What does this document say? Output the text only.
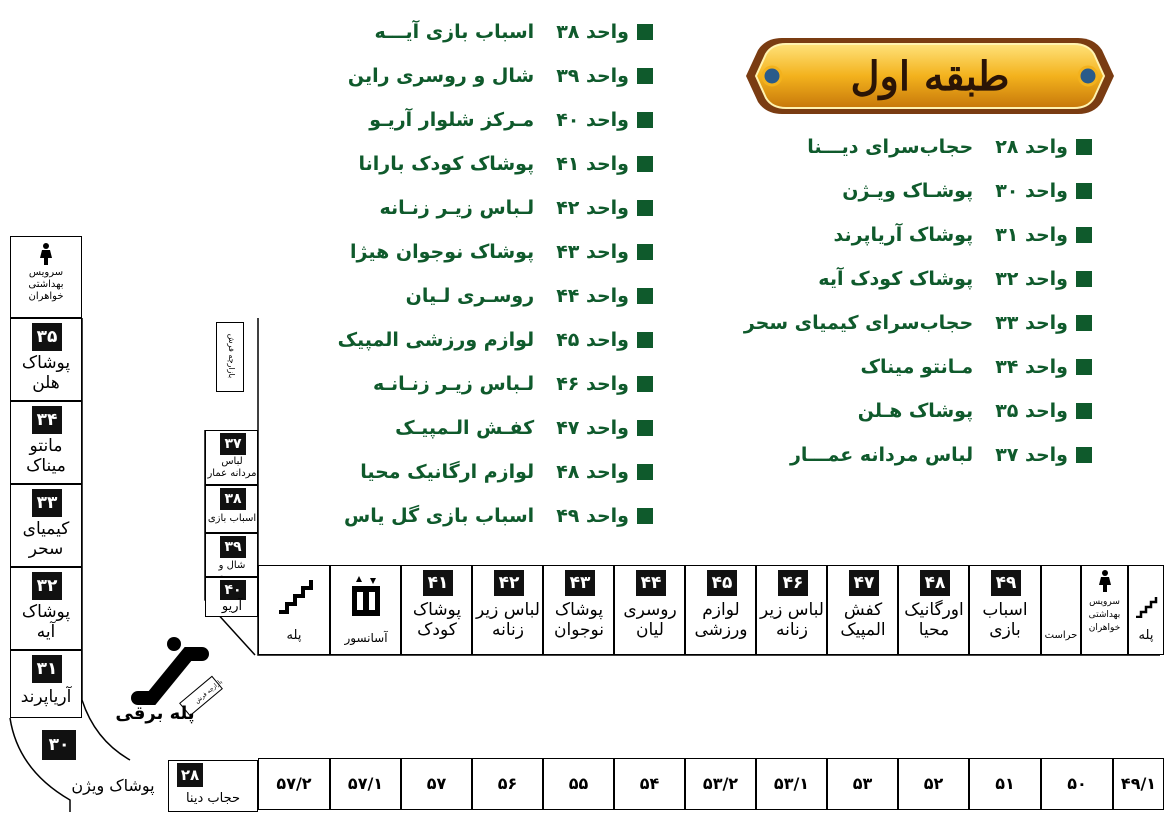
طبقه اول
واحد ۲۸
حجاب‌سرای دیـــنا
واحد ۳۰
پوشـاک ویـژن
واحد ۳۱
پوشاک آریاپرند
واحد ۳۲
پوشاک کودک آیه
واحد ۳۳
حجاب‌سرای کیمیای سحر
واحد ۳۴
مـانتو میناک
واحد ۳۵
پوشاک هـلن
واحد ۳۷
لباس مردانه عمـــار
واحد ۳۸
اسباب بازی آیـــه
واحد ۳۹
شال و روسری راین
واحد ۴۰
مـرکز شلوار آریـو
واحد ۴۱
پوشاک کودک بارانا
واحد ۴۲
لـباس زیـر زنـانه
واحد ۴۳
پوشاک نوجوان هیژا
واحد ۴۴
روسـری لـیان
واحد ۴۵
لوازم ورزشی المپیک
واحد ۴۶
لـباس زیـر زنـانـه
واحد ۴۷
کفـش الـمپیـک
واحد ۴۸
لوازم ارگانیک محیا
واحد ۴۹
اسباب بازی گل یاس
سرویس بهداشتی خواهران
۳۵
پوشاک هلن
۳۴
مانتو میناک
۳۳
کیمیای سحر
۳۲
پوشاک آیه
۳۱
آریاپرند
۳۰
پوشاک ویژن
۲۸
حجاب دینا
بازارچه فرش
۳۷
لباس مردانه عمار
۳۸
اسباب بازی
۳۹
شال و
۴۰
آریو
پله برقی
بازارچه فرش
پله	آسانسور
۴۱
پوشاک کودک
۴۲
لباس زیر زنانه
۴۳
پوشاک نوجوان
۴۴
روسری لیان
۴۵
لوازم ورزشی
۴۶
لباس زیر زنانه
۴۷
کفش المپیک
۴۸
اورگانیک محیا
۴۹
اسباب بازی	حراست
سرویس بهداشتی خواهران	پله
۵۷/۲	۵۷/۱	۵۷	۵۶	۵۵	۵۴	۵۳/۲	۵۳/۱	۵۳	۵۲	۵۱	۵۰	۴۹/۱
